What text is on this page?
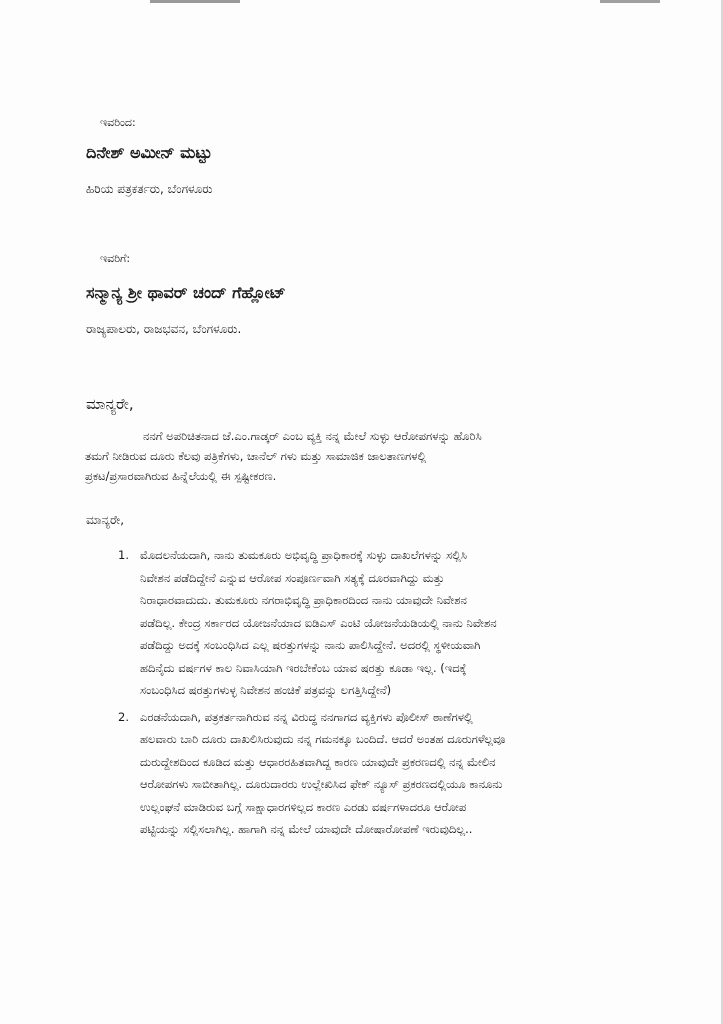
ಇವರಿಂದ:
ದಿನೇಶ್ ಅಮೀನ್ ಮಟ್ಟು
ಹಿರಿಯ ಪತ್ರಕರ್ತರು, ಬೆಂಗಳೂರು
ಇವರಿಗೆ:
ಸನ್ಮಾನ್ಯ ಶ್ರೀ ಥಾವರ್ ಚಂದ್ ಗೆಹ್ಲೋಟ್
ರಾಜ್ಯಪಾಲರು, ರಾಜಭವನ, ಬೆಂಗಳೂರು.
ಮಾನ್ಯರೇ,
ನನಗೆ ಅಪರಿಚಿತನಾದ ಜೆ.ಎಂ.ಗಾಡ್ಕರ್ ಎಂಬ ವ್ಯಕ್ತಿ ನನ್ನ ಮೇಲೆ ಸುಳ್ಳು ಆರೋಪಗಳನ್ನು ಹೊರಿಸಿ
ತಮಗೆ ನೀಡಿರುವ ದೂರು ಕೆಲವು ಪತ್ರಿಕೆಗಳು, ಚಾನೆಲ್ ಗಳು ಮತ್ತು ಸಾಮಾಜಿಕ ಜಾಲತಾಣಗಳಲ್ಲಿ
ಪ್ರಕಟ/ಪ್ರಸಾರವಾಗಿರುವ ಹಿನ್ನೆಲೆಯಲ್ಲಿ ಈ ಸ್ಪಷ್ಟೀಕರಣ.
ಮಾನ್ಯರೇ,
1. ಮೊದಲನೆಯದಾಗಿ, ನಾನು ತುಮಕೂರು ಅಭಿವೃದ್ಧಿ ಪ್ರಾಧಿಕಾರಕ್ಕೆ ಸುಳ್ಳು ದಾಖಲೆಗಳನ್ನು ಸಲ್ಲಿಸಿ
ನಿವೇಶನ ಪಡೆದಿದ್ದೇನೆ ಎನ್ನುವ ಆರೋಪ ಸಂಪೂರ್ಣವಾಗಿ ಸತ್ಯಕ್ಕೆ ದೂರವಾಗಿದ್ದು ಮತ್ತು
ನಿರಾಧಾರವಾದುದು. ತುಮಕೂರು ನಗರಾಭಿವೃದ್ಧಿ ಪ್ರಾಧಿಕಾರದಿಂದ ನಾನು ಯಾವುದೇ ನಿವೇಶನ
ಪಡೆದಿಲ್ಲ. ಕೇಂದ್ರ ಸರ್ಕಾರದ ಯೋಜನೆಯಾದ ಐಡಿಎಸ್ ಎಂಟಿ ಯೋಜನೆಯಡಿಯಲ್ಲಿ ನಾನು ನಿವೇಶನ
ಪಡೆದಿದ್ದು ಅದಕ್ಕೆ ಸಂಬಂಧಿಸಿದ ಎಲ್ಲ ಷರತ್ತುಗಳನ್ನು ನಾನು ಪಾಲಿಸಿದ್ದೇನೆ. ಅದರಲ್ಲಿ ಸ್ಥಳೀಯವಾಗಿ
ಹದಿನೈದು ವರ್ಷಗಳ ಕಾಲ ನಿವಾಸಿಯಾಗಿ ಇರಬೇಕೆಂಬ ಯಾವ ಷರತ್ತು ಕೂಡಾ ಇಲ್ಲ. (ಇದಕ್ಕೆ
ಸಂಬಂಧಿಸಿದ ಷರತ್ತುಗಳುಳ್ಳ ನಿವೇಶನ ಹಂಚಿಕೆ ಪತ್ರವನ್ನು ಲಗತ್ತಿಸಿದ್ದೇನೆ)
2. ಎರಡನೆಯದಾಗಿ, ಪತ್ರಕರ್ತನಾಗಿರುವ ನನ್ನ ವಿರುದ್ಧ ನನಗಾಗದ ವ್ಯಕ್ತಿಗಳು ಪೊಲೀಸ್ ಠಾಣೆಗಳಲ್ಲಿ
ಹಲವಾರು ಬಾರಿ ದೂರು ದಾಖಲಿಸಿರುವುದು ನನ್ನ ಗಮನಕ್ಕೂ ಬಂದಿದೆ. ಆದರೆ ಅಂತಹ ದೂರುಗಳೆಲ್ಲವೂ
ದುರುದ್ದೇಶದಿಂದ ಕೂಡಿದ ಮತ್ತು ಆಧಾರರಹಿತವಾಗಿದ್ದ ಕಾರಣ ಯಾವುದೇ ಪ್ರಕರಣದಲ್ಲಿ ನನ್ನ ಮೇಲಿನ
ಆರೋಪಗಳು ಸಾಬೀತಾಗಿಲ್ಲ. ದೂರುದಾರರು ಉಲ್ಲೇಖಿಸಿದ ಫೇಕ್ ನ್ಯೂಸ್ ಪ್ರಕರಣದಲ್ಲಿಯೂ ಕಾನೂನು
ಉಲ್ಲಂಘನೆ ಮಾಡಿರುವ ಬಗ್ಗೆ ಸಾಕ್ಷಾಧಾರಗಳಿಲ್ಲದ ಕಾರಣ ಎರಡು ವರ್ಷಗಳಾದರೂ ಆರೋಪ
ಪಟ್ಟಿಯನ್ನು ಸಲ್ಲಿಸಲಾಗಿಲ್ಲ. ಹಾಗಾಗಿ ನನ್ನ ಮೇಲೆ ಯಾವುದೇ ದೋಷಾರೋಪಣೆ ಇರುವುದಿಲ್ಲ..
